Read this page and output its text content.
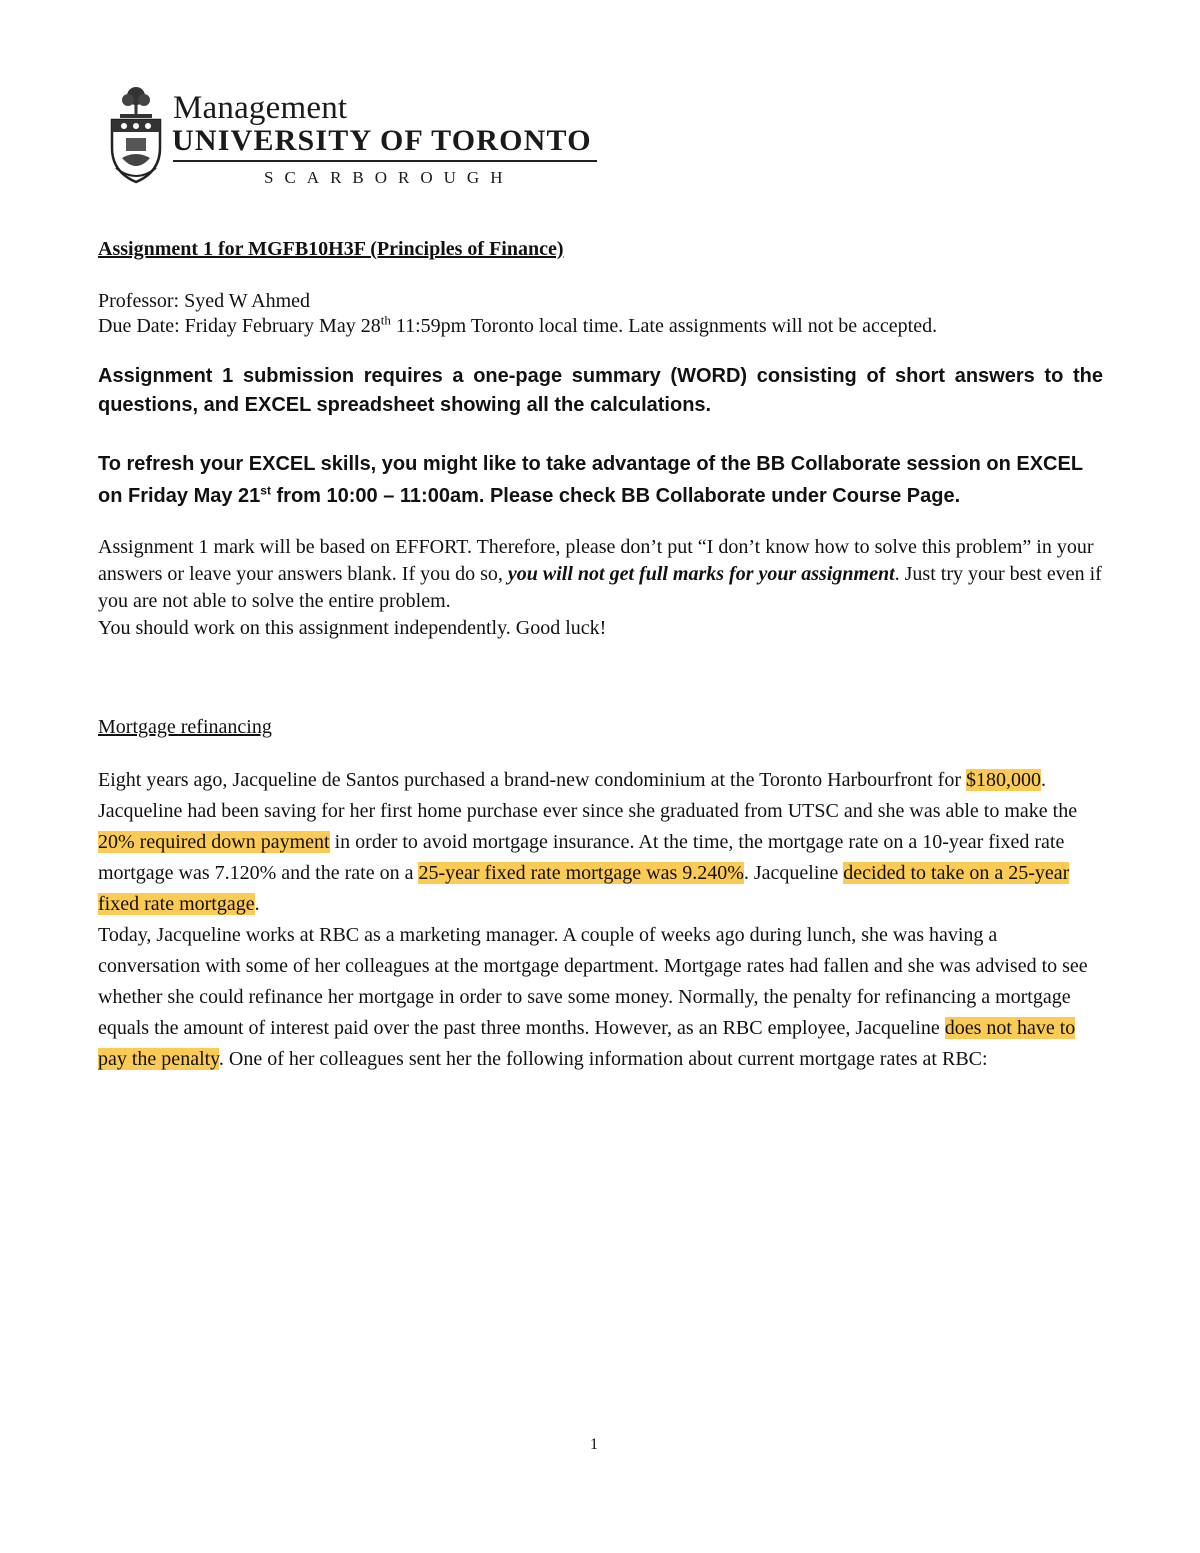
Management
UNIVERSITY OF TORONTO
SCARBOROUGH
Assignment 1 for MGFB10H3F (Principles of Finance)
Professor: Syed W Ahmed
Due Date: Friday February May 28th 11:59pm Toronto local time. Late assignments will not be accepted.
Assignment 1 submission requires a one-page summary (WORD) consisting of short answers to the questions, and EXCEL spreadsheet showing all the calculations.
To refresh your EXCEL skills, you might like to take advantage of the BB Collaborate session on EXCEL on Friday May 21st from 10:00 – 11:00am. Please check BB Collaborate under Course Page.
Assignment 1 mark will be based on EFFORT. Therefore, please don’t put “I don’t know how to solve this problem” in your answers or leave your answers blank. If you do so, you will not get full marks for your assignment. Just try your best even if you are not able to solve the entire problem.
You should work on this assignment independently. Good luck!
Mortgage refinancing
Eight years ago, Jacqueline de Santos purchased a brand-new condominium at the Toronto Harbourfront for $180,000. Jacqueline had been saving for her first home purchase ever since she graduated from UTSC and she was able to make the 20% required down payment in order to avoid mortgage insurance. At the time, the mortgage rate on a 10-year fixed rate mortgage was 7.120% and the rate on a 25-year fixed rate mortgage was 9.240%. Jacqueline decided to take on a 25-year fixed rate mortgage.
Today, Jacqueline works at RBC as a marketing manager. A couple of weeks ago during lunch, she was having a conversation with some of her colleagues at the mortgage department. Mortgage rates had fallen and she was advised to see whether she could refinance her mortgage in order to save some money. Normally, the penalty for refinancing a mortgage equals the amount of interest paid over the past three months. However, as an RBC employee, Jacqueline does not have to pay the penalty. One of her colleagues sent her the following information about current mortgage rates at RBC:
1
